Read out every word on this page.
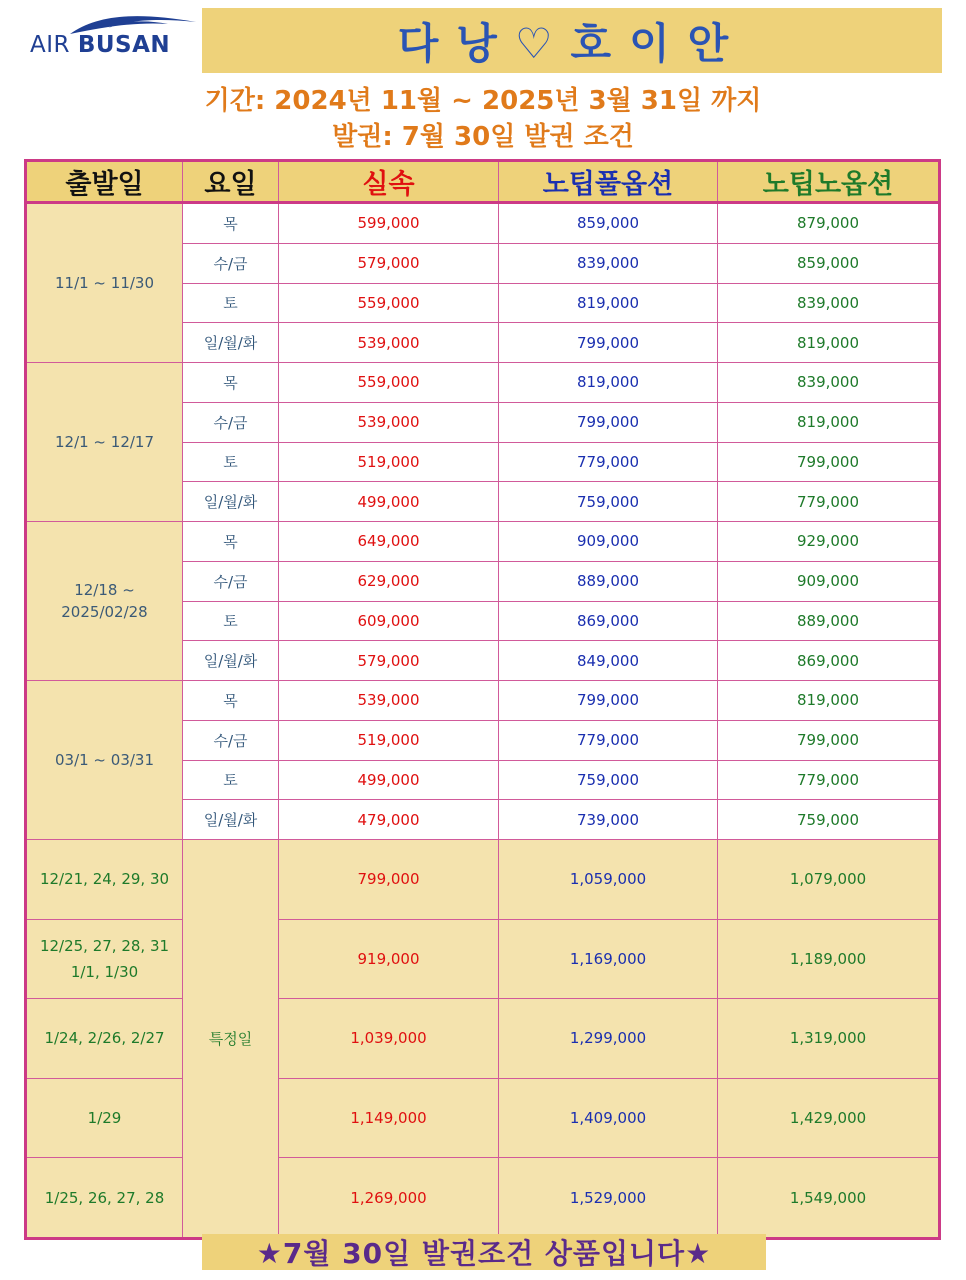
AIR BUSAN	다낭♡호이안
기간: 2024년 11월 ~ 2025년 3월 31일 까지
발권: 7월 30일 발권 조건
출발일	요일	실속	노팁풀옵션	노팁노옵션

11/1 ~ 11/30	목	599,000	859,000	879,000
	수/금	579,000	839,000	859,000
	토	559,000	819,000	839,000
	일/월/화	539,000	799,000	819,000

12/1 ~ 12/17	목	559,000	819,000	839,000
	수/금	539,000	799,000	819,000
	토	519,000	779,000	799,000
	일/월/화	499,000	759,000	779,000

12/18 ~
2025/02/28	목	649,000	909,000	929,000
	수/금	629,000	889,000	909,000
	토	609,000	869,000	889,000
	일/월/화	579,000	849,000	869,000

03/1 ~ 03/31	목	539,000	799,000	819,000
	수/금	519,000	779,000	799,000
	토	499,000	759,000	779,000
	일/월/화	479,000	739,000	759,000

12/21, 24, 29, 30	특정일	799,000	1,059,000	1,079,000

12/25, 27, 28, 31
1/1, 1/30		919,000	1,169,000	1,189,000

1/24, 2/26, 2/27		1,039,000	1,299,000	1,319,000

1/29		1,149,000	1,409,000	1,429,000

1/25, 26, 27, 28		1,269,000	1,529,000	1,549,000
★7월 30일 발권조건 상품입니다★
